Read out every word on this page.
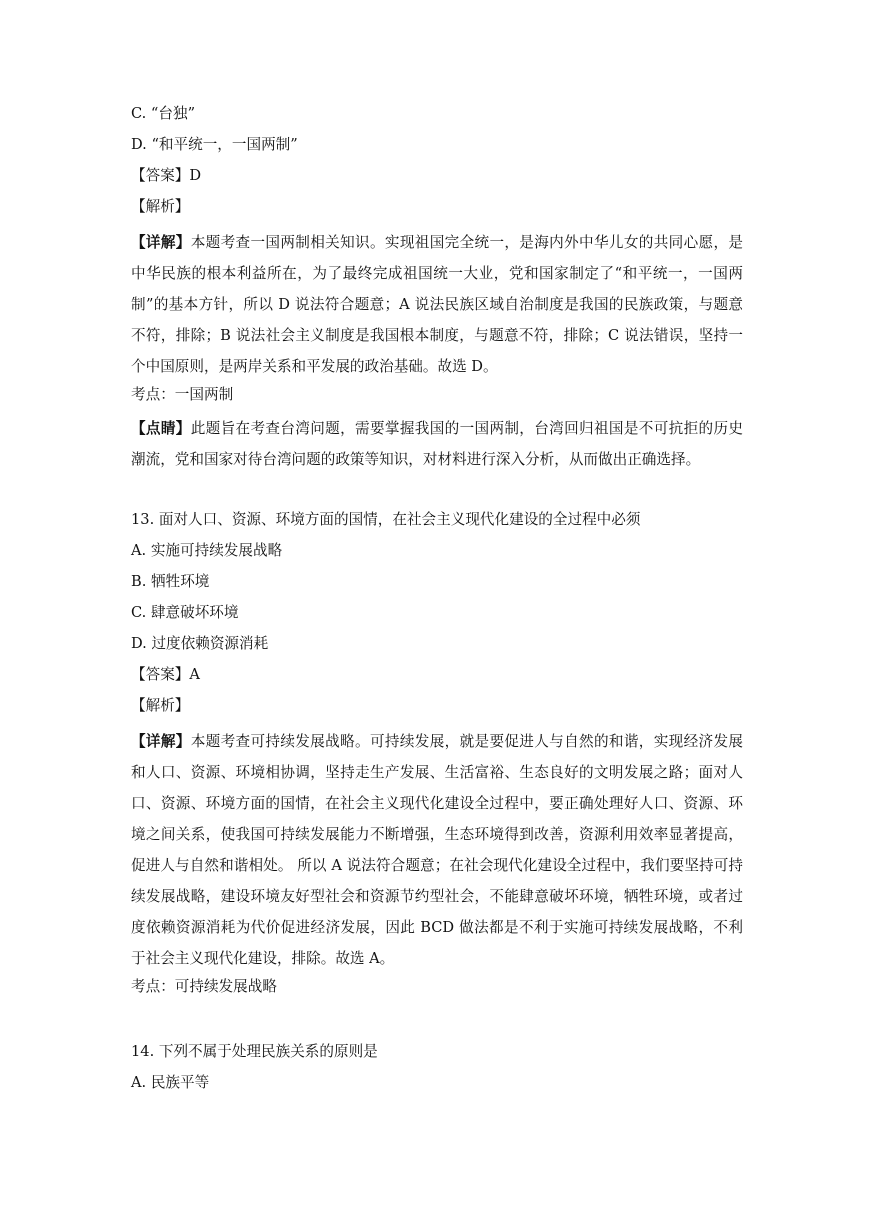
C. “台独”
D. “和平统一，一国两制”
【答案】D
【解析】
【详解】本题考查一国两制相关知识。实现祖国完全统一，是海内外中华儿女的共同心愿，是中华民族的根本利益所在，为了最终完成祖国统一大业，党和国家制定了“和平统一，一国两制”的基本方针，所以 D 说法符合题意；A 说法民族区域自治制度是我国的民族政策，与题意不符，排除；B 说法社会主义制度是我国根本制度，与题意不符，排除；C 说法错误，坚持一个中国原则，是两岸关系和平发展的政治基础。故选 D。
考点：一国两制
【点睛】此题旨在考查台湾问题，需要掌握我国的一国两制，台湾回归祖国是不可抗拒的历史潮流，党和国家对待台湾问题的政策等知识，对材料进行深入分析，从而做出正确选择。
13. 面对人口、资源、环境方面的国情，在社会主义现代化建设的全过程中必须
A. 实施可持续发展战略
B. 牺牲环境
C. 肆意破坏环境
D. 过度依赖资源消耗
【答案】A
【解析】
【详解】本题考查可持续发展战略。可持续发展，就是要促进人与自然的和谐，实现经济发展和人口、资源、环境相协调，坚持走生产发展、生活富裕、生态良好的文明发展之路；面对人口、资源、环境方面的国情，在社会主义现代化建设全过程中，要正确处理好人口、资源、环境之间关系，使我国可持续发展能力不断增强，生态环境得到改善，资源利用效率显著提高，促进人与自然和谐相处。 所以 A 说法符合题意；在社会现代化建设全过程中，我们要坚持可持续发展战略，建设环境友好型社会和资源节约型社会，不能肆意破坏环境，牺牲环境，或者过度依赖资源消耗为代价促进经济发展，因此 BCD 做法都是不利于实施可持续发展战略，不利于社会主义现代化建设，排除。故选 A。
考点：可持续发展战略
14. 下列不属于处理民族关系的原则是
A. 民族平等
